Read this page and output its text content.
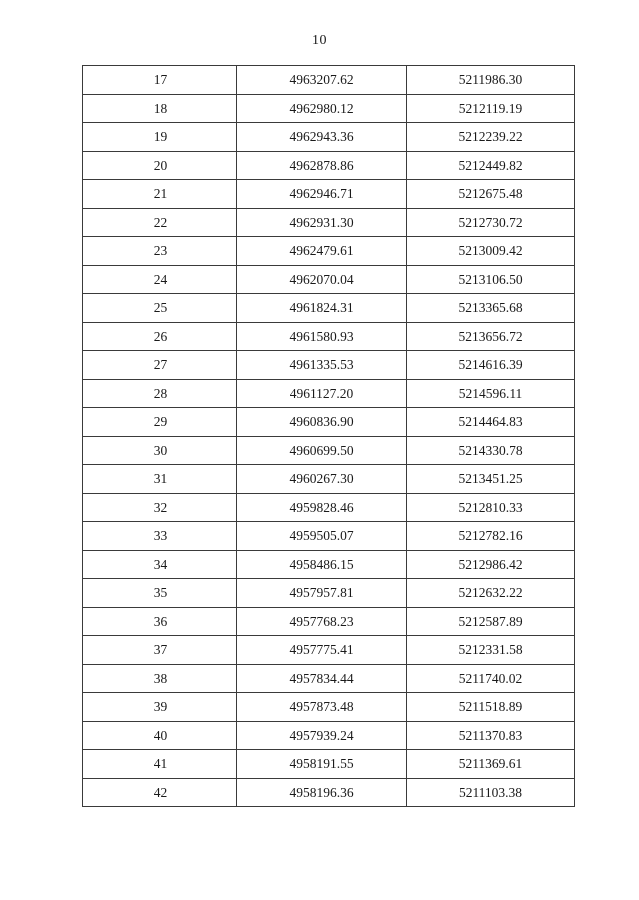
10
17	4963207.62	5211986.30
18	4962980.12	5212119.19
19	4962943.36	5212239.22
20	4962878.86	5212449.82
21	4962946.71	5212675.48
22	4962931.30	5212730.72
23	4962479.61	5213009.42
24	4962070.04	5213106.50
25	4961824.31	5213365.68
26	4961580.93	5213656.72
27	4961335.53	5214616.39
28	4961127.20	5214596.11
29	4960836.90	5214464.83
30	4960699.50	5214330.78
31	4960267.30	5213451.25
32	4959828.46	5212810.33
33	4959505.07	5212782.16
34	4958486.15	5212986.42
35	4957957.81	5212632.22
36	4957768.23	5212587.89
37	4957775.41	5212331.58
38	4957834.44	5211740.02
39	4957873.48	5211518.89
40	4957939.24	5211370.83
41	4958191.55	5211369.61
42	4958196.36	5211103.38
